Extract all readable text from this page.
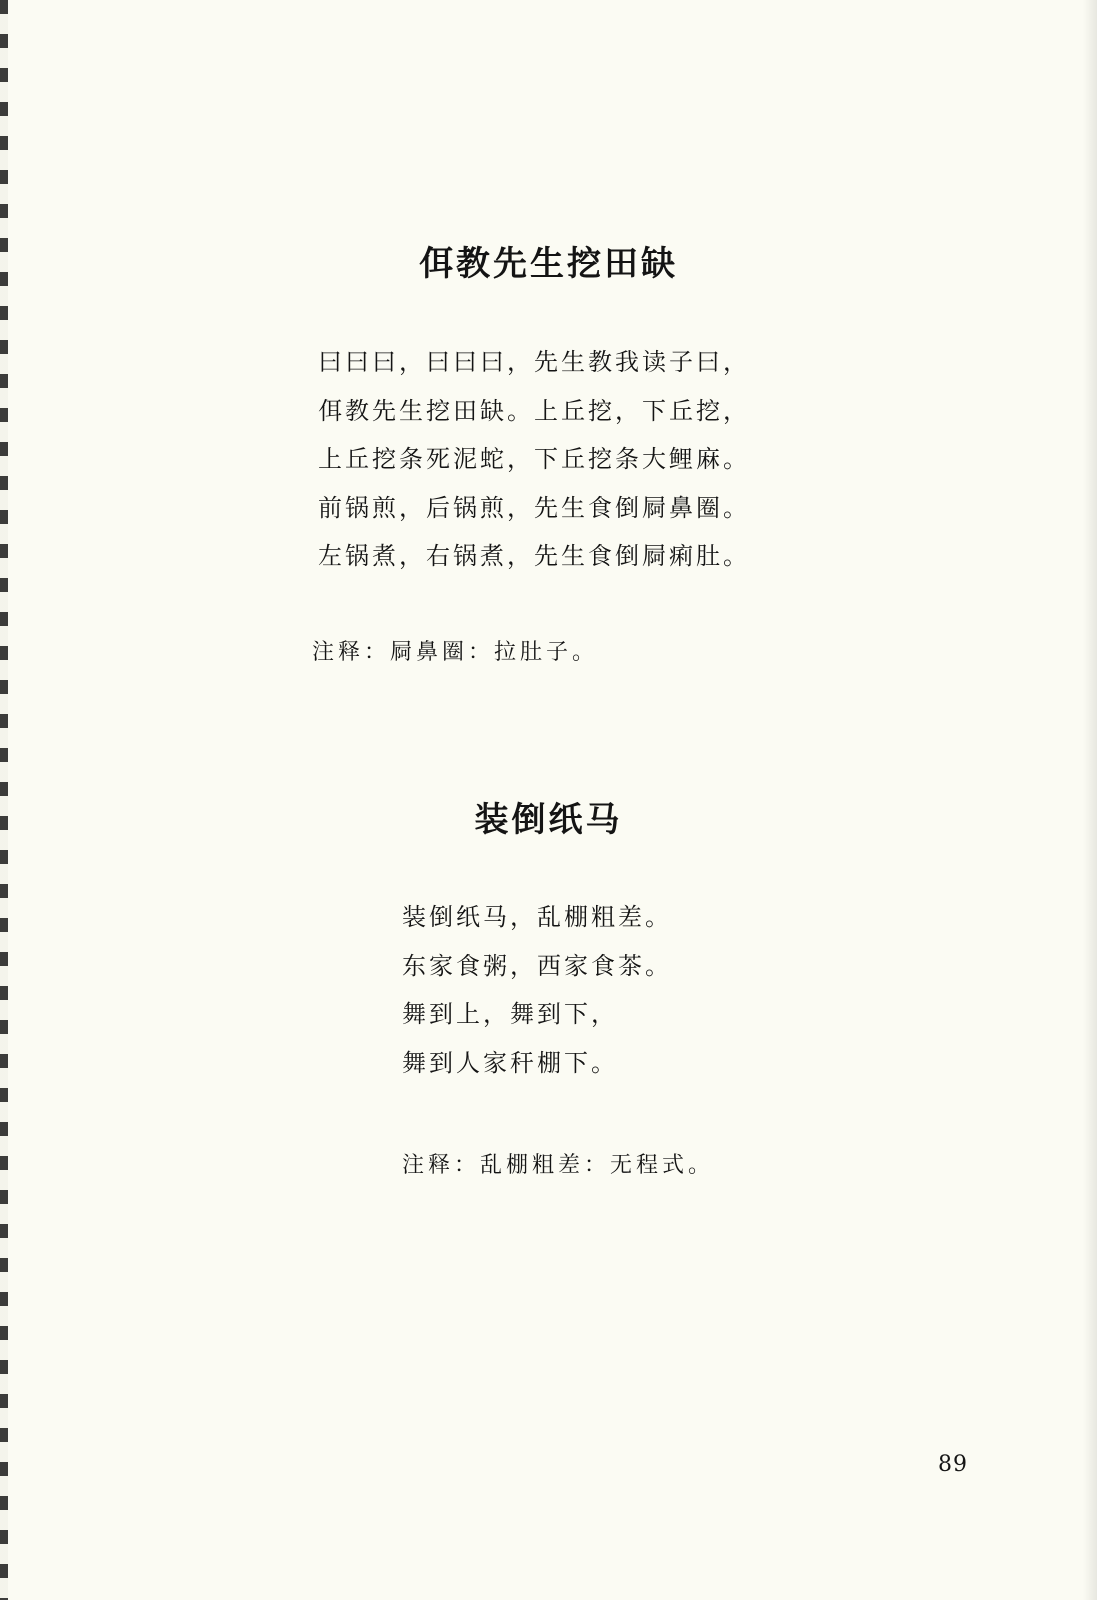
佴教先生挖田缺
曰曰曰，曰曰曰，先生教我读子曰，
佴教先生挖田缺。上丘挖，下丘挖，
上丘挖条死泥蛇，下丘挖条大鲤麻。
前锅煎，后锅煎，先生食倒屙鼻圈。
左锅煮，右锅煮，先生食倒屙痢肚。
注释：屙鼻圈：拉肚子。
装倒纸马
装倒纸马，乱棚粗差。
东家食粥，西家食茶。
舞到上，舞到下，
舞到人家秆棚下。
注释：乱棚粗差：无程式。
89
